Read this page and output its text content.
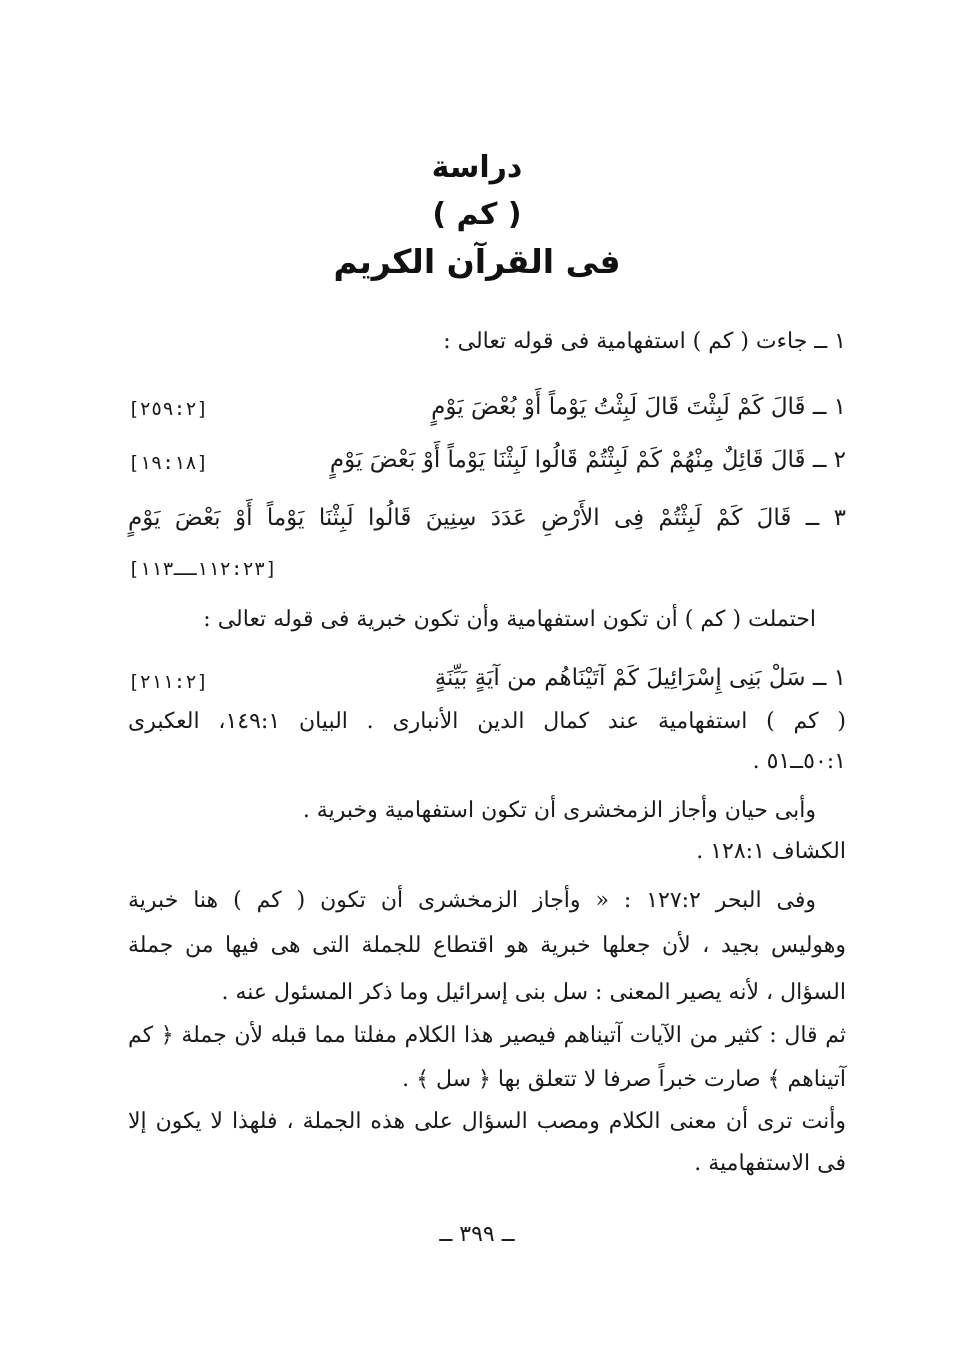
دراسة
( كم )
فى القرآن الكريم
١ ــ جاءت ( كم ) استفهامية فى قوله تعالى :
١ ــ قَالَ كَمْ لَبِثْتَ قَالَ لَبِثْتُ يَوْماً أَوْ بُعْضَ يَوْمٍ
[٢٥٩:٢]
٢ ــ قَالَ قَائِلٌ مِنْهُمْ كَمْ لَبِثْتُمْ قَالُوا لَبِثْنَا يَوْماً أَوْ بَعْضَ يَوْمٍ
[١٩:١٨]
٣ ــ قَالَ كَمْ لَبِثْتُمْ فِى الأَرْضِ عَدَدَ سِنِينَ قَالُوا لَبِثْنَا يَوْماً أَوْ بَعْضَ يَوْمٍ
[١١٢:٢٣ــ١١٣]
احتملت ( كم ) أن تكون استفهامية وأن تكون خبرية فى قوله تعالى :
١ ــ سَلْ بَنِى إِسْرَائِيلَ كَمْ آتَيْنَاهُم من آيَةٍ بَيِّنَةٍ
[٢١١:٢]
( كم ) استفهامية عند كمال الدين الأنبارى . البيان ١٤٩:١، العكبرى
٥٠:١ــ٥١ .
وأبى حيان وأجاز الزمخشرى أن تكون استفهامية وخبرية .
الكشاف ١٢٨:١ .
وفى البحر ١٢٧:٢ : « وأجاز الزمخشرى أن تكون ( كم ) هنا خبرية
وهوليس بجيد ، لأن جعلها خبرية هو اقتطاع للجملة التى هى فيها من جملة
السؤال ، لأنه يصير المعنى : سل بنى إسرائيل وما ذكر المسئول عنه .
ثم قال : كثير من الآيات آتيناهم فيصير هذا الكلام مفلتا مما قبله لأن جملة ﴿ كم
آتيناهم ﴾ صارت خبراً صرفا لا تتعلق بها ﴿ سل ﴾ .
وأنت ترى أن معنى الكلام ومصب السؤال على هذه الجملة ، فلهذا لا يكون إلا
فى الاستفهامية .
ــ ٣٩٩ ــ
